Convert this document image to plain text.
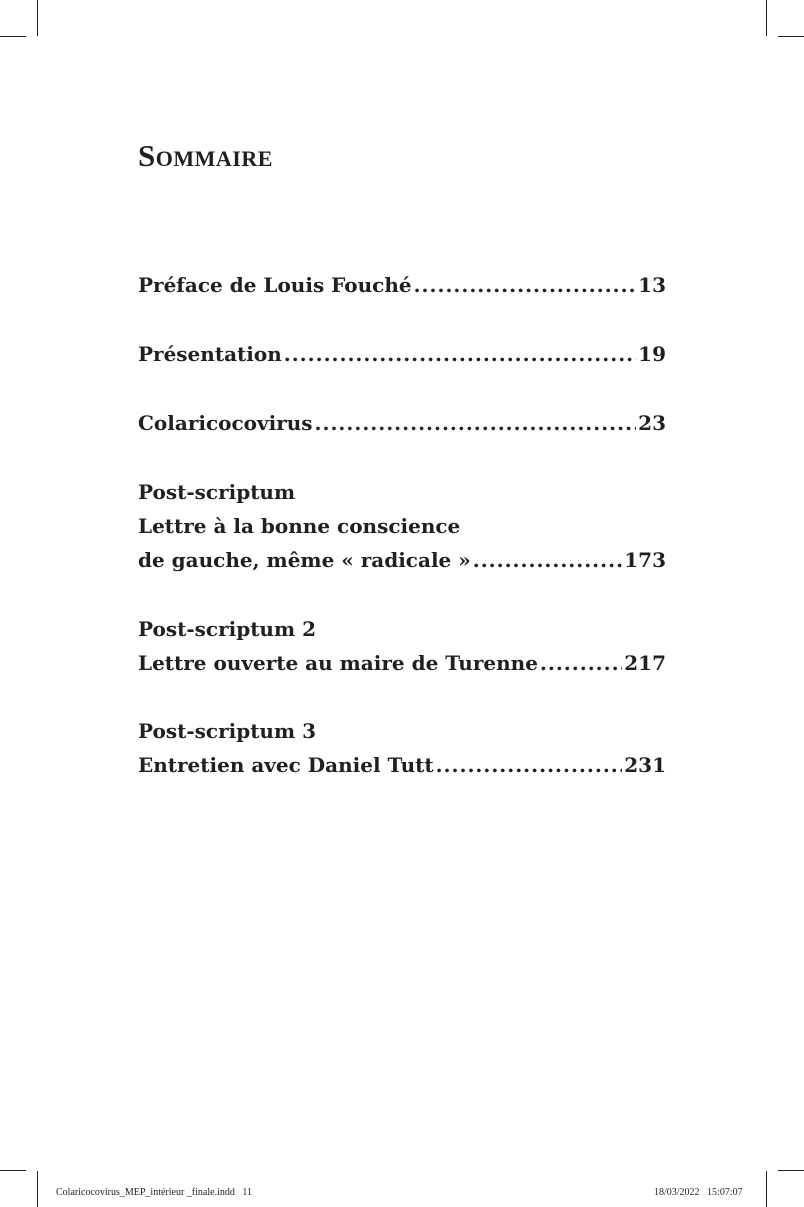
Sommaire
Préface de Louis Fouché .....	13
Présentation .....	19
Colaricocovirus .....	23
Post-scriptum
Lettre à la bonne conscience
de gauche, même « radicale » .....	173
Post-scriptum 2
Lettre ouverte au maire de Turenne .....	217
Post-scriptum 3
Entretien avec Daniel Tutt .....	231
Colaricocovirus_MEP_intérieur _finale.indd   11	18/03/2022   15:07:07
